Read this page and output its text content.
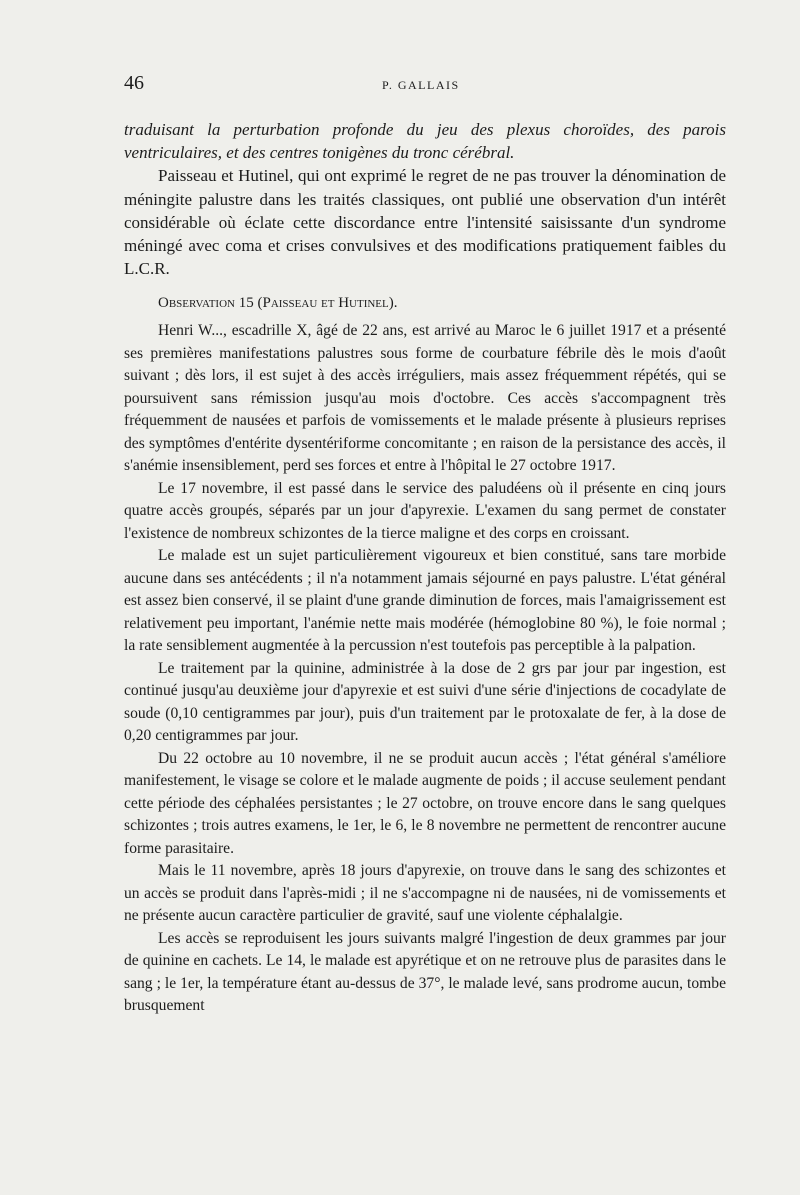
46	P. GALLAIS

traduisant la perturbation profonde du jeu des plexus choroïdes, des parois ventriculaires, et des centres tonigènes du tronc cérébral.

Paisseau et Hutinel, qui ont exprimé le regret de ne pas trouver la dénomination de méningite palustre dans les traités classiques, ont publié une observation d'un intérêt considérable où éclate cette discordance entre l'intensité saisissante d'un syndrome méningé avec coma et crises convulsives et des modifications pratiquement faibles du L.C.R.

Observation 15 (Paisseau et Hutinel).

Henri W..., escadrille X, âgé de 22 ans, est arrivé au Maroc le 6 juillet 1917 et a présenté ses premières manifestations palustres sous forme de courbature fébrile dès le mois d'août suivant ; dès lors, il est sujet à des accès irréguliers, mais assez fréquemment répétés, qui se poursuivent sans rémission jusqu'au mois d'octobre. Ces accès s'accompagnent très fréquemment de nausées et parfois de vomissements et le malade présente à plusieurs reprises des symptômes d'entérite dysentériforme concomitante ; en raison de la persistance des accès, il s'anémie insensiblement, perd ses forces et entre à l'hôpital le 27 octobre 1917.

Le 17 novembre, il est passé dans le service des paludéens où il présente en cinq jours quatre accès groupés, séparés par un jour d'apyrexie. L'examen du sang permet de constater l'existence de nombreux schizontes de la tierce maligne et des corps en croissant.

Le malade est un sujet particulièrement vigoureux et bien constitué, sans tare morbide aucune dans ses antécédents ; il n'a notamment jamais séjourné en pays palustre. L'état général est assez bien conservé, il se plaint d'une grande diminution de forces, mais l'amaigrissement est relativement peu important, l'anémie nette mais modérée (hémoglobine 80 %), le foie normal ; la rate sensiblement augmentée à la percussion n'est toutefois pas perceptible à la palpation.

Le traitement par la quinine, administrée à la dose de 2 grs par jour par ingestion, est continué jusqu'au deuxième jour d'apyrexie et est suivi d'une série d'injections de cocadylate de soude (0,10 centigrammes par jour), puis d'un traitement par le protoxalate de fer, à la dose de 0,20 centigrammes par jour.

Du 22 octobre au 10 novembre, il ne se produit aucun accès ; l'état général s'améliore manifestement, le visage se colore et le malade augmente de poids ; il accuse seulement pendant cette période des céphalées persistantes ; le 27 octobre, on trouve encore dans le sang quelques schizontes ; trois autres examens, le 1er, le 6, le 8 novembre ne permettent de rencontrer aucune forme parasitaire.

Mais le 11 novembre, après 18 jours d'apyrexie, on trouve dans le sang des schizontes et un accès se produit dans l'après-midi ; il ne s'accompagne ni de nausées, ni de vomissements et ne présente aucun caractère particulier de gravité, sauf une violente céphalalgie.

Les accès se reproduisent les jours suivants malgré l'ingestion de deux grammes par jour de quinine en cachets. Le 14, le malade est apyrétique et on ne retrouve plus de parasites dans le sang ; le 1er, la température étant au-dessus de 37°, le malade levé, sans prodrome aucun, tombe brusquement
